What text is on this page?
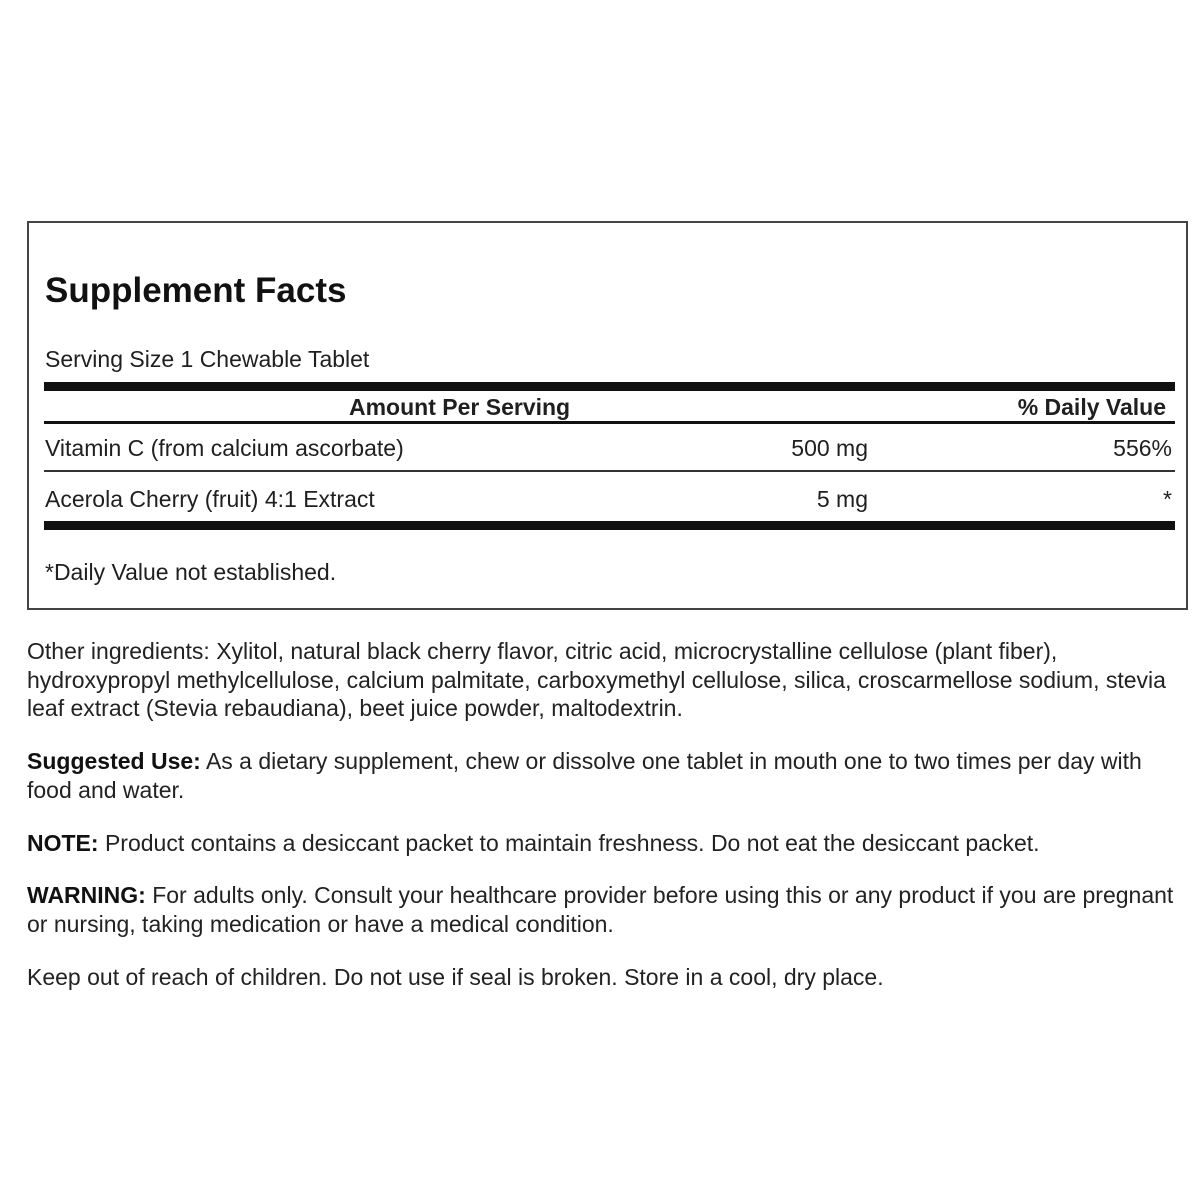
Supplement Facts
Serving Size 1 Chewable Tablet
Amount Per Serving	% Daily Value
Vitamin C (from calcium ascorbate)	500 mg	556%
Acerola Cherry (fruit) 4:1 Extract	5 mg	*
*Daily Value not established.
Other ingredients: Xylitol, natural black cherry flavor, citric acid, microcrystalline cellulose (plant fiber), hydroxypropyl methylcellulose, calcium palmitate, carboxymethyl cellulose, silica, croscarmellose sodium, stevia leaf extract (Stevia rebaudiana), beet juice powder, maltodextrin.
Suggested Use: As a dietary supplement, chew or dissolve one tablet in mouth one to two times per day with food and water.
NOTE: Product contains a desiccant packet to maintain freshness. Do not eat the desiccant packet.
WARNING: For adults only. Consult your healthcare provider before using this or any product if you are pregnant or nursing, taking medication or have a medical condition.
Keep out of reach of children. Do not use if seal is broken. Store in a cool, dry place.
